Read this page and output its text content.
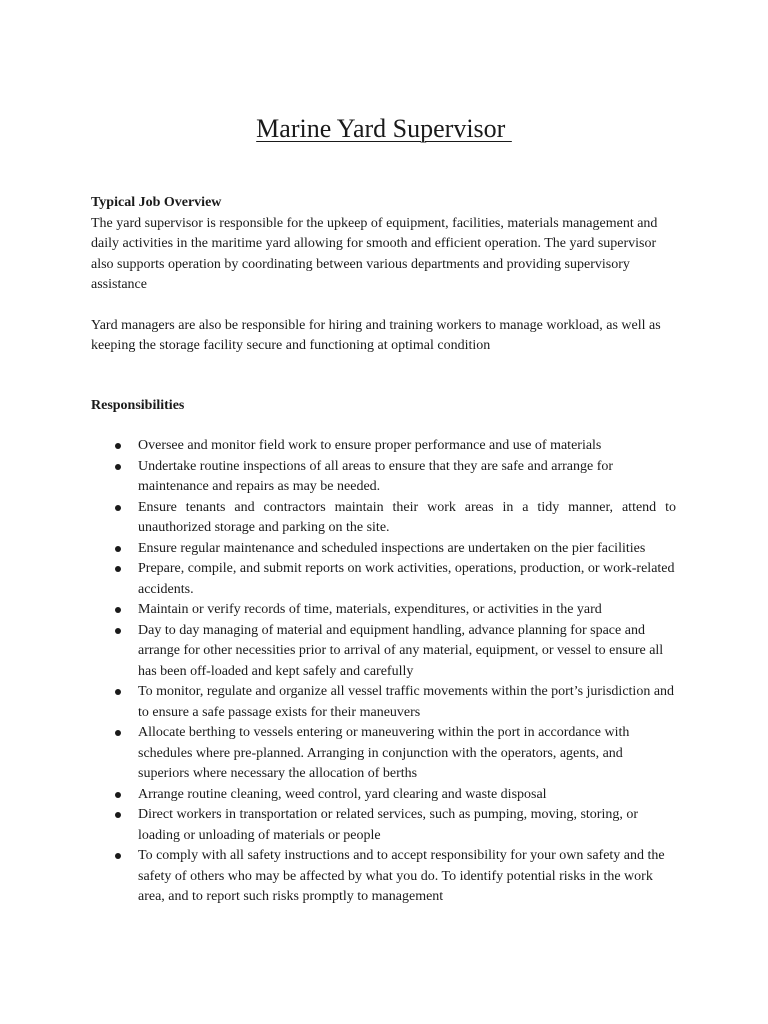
Marine Yard Supervisor

Typical Job Overview

The yard supervisor is responsible for the upkeep of equipment, facilities, materials management and daily activities in the maritime yard allowing for smooth and efficient operation. The yard supervisor also supports operation by coordinating between various departments and providing supervisory assistance

Yard managers are also be responsible for hiring and training workers to manage workload, as well as keeping the storage facility secure and functioning at optimal condition

Responsibilities

Oversee and monitor field work to ensure proper performance and use of materials
Undertake routine inspections of all areas to ensure that they are safe and arrange for maintenance and repairs as may be needed.
Ensure tenants and contractors maintain their work areas in a tidy manner, attend to unauthorized storage and parking on the site.
Ensure regular maintenance and scheduled inspections are undertaken on the pier facilities
Prepare, compile, and submit reports on work activities, operations, production, or work-related accidents.
Maintain or verify records of time, materials, expenditures, or activities in the yard
Day to day managing of material and equipment handling, advance planning for space and arrange for other necessities prior to arrival of any material, equipment, or vessel to ensure all has been off-loaded and kept safely and carefully
To monitor, regulate and organize all vessel traffic movements within the port’s jurisdiction and to ensure a safe passage exists for their maneuvers
Allocate berthing to vessels entering or maneuvering within the port in accordance with schedules where pre-planned. Arranging in conjunction with the operators, agents, and superiors where necessary the allocation of berths
Arrange routine cleaning, weed control, yard clearing and waste disposal
Direct workers in transportation or related services, such as pumping, moving, storing, or loading or unloading of materials or people
To comply with all safety instructions and to accept responsibility for your own safety and the safety of others who may be affected by what you do. To identify potential risks in the work area, and to report such risks promptly to management
